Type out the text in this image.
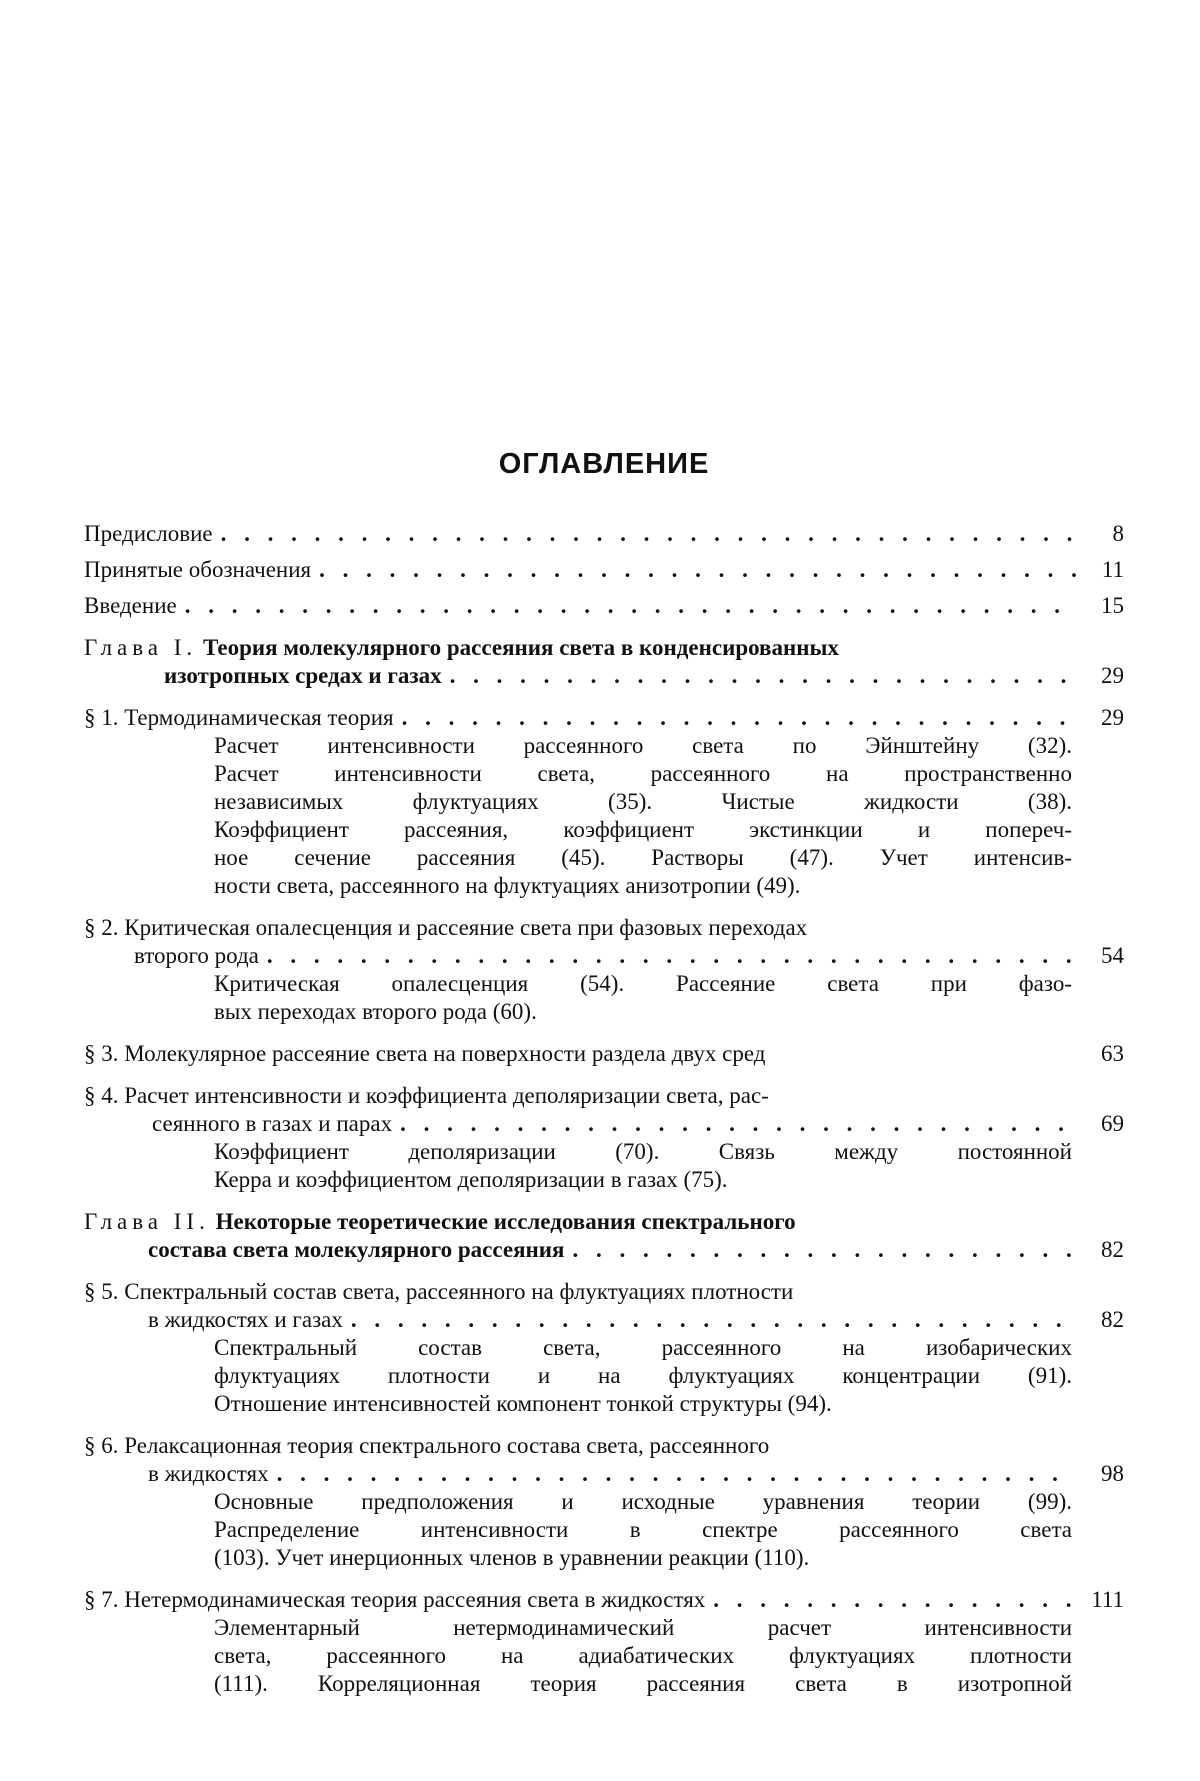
ОГЛАВЛЕНИЕ
Предисловие . . .	8
Принятые обозначения . . .	11
Введение . . .	15
Глава I. Теория молекулярного рассеяния света в конденсированных
изотропных средах и газах . . .	29
§ 1. Термодинамическая теория . . .	29
Расчет интенсивности рассеянного света по Эйнштейну (32).
Расчет интенсивности света, рассеянного на пространственно
независимых флуктуациях (35). Чистые жидкости (38).
Коэффициент рассеяния, коэффициент экстинкции и попереч-
ное сечение рассеяния (45). Растворы (47). Учет интенсив-
ности света, рассеянного на флуктуациях анизотропии (49).
§ 2. Критическая опалесценция и рассеяние света при фазовых переходах
второго рода . . .	54
Критическая опалесценция (54). Рассеяние света при фазо-
вых переходах второго рода (60).
§ 3. Молекулярное рассеяние света на поверхности раздела двух сред	63
§ 4. Расчет интенсивности и коэффициента деполяризации света, рас-
сеянного в газах и парах . . .	69
Коэффициент деполяризации (70). Связь между постоянной
Керра и коэффициентом деполяризации в газах (75).
Глава II. Некоторые теоретические исследования спектрального
состава света молекулярного рассеяния . . .	82
§ 5. Спектральный состав света, рассеянного на флуктуациях плотности
в жидкостях и газах . . .	82
Спектральный состав света, рассеянного на изобарических
флуктуациях плотности и на флуктуациях концентрации (91).
Отношение интенсивностей компонент тонкой структуры (94).
§ 6. Релаксационная теория спектрального состава света, рассеянного
в жидкостях . . .	98
Основные предположения и исходные уравнения теории (99).
Распределение интенсивности в спектре рассеянного света
(103). Учет инерционных членов в уравнении реакции (110).
§ 7. Нетермодинамическая теория рассеяния света в жидкостях . . .	111
Элементарный нетермодинамический расчет интенсивности
света, рассеянного на адиабатических флуктуациях плотности
(111). Корреляционная теория рассеяния света в изотропной
